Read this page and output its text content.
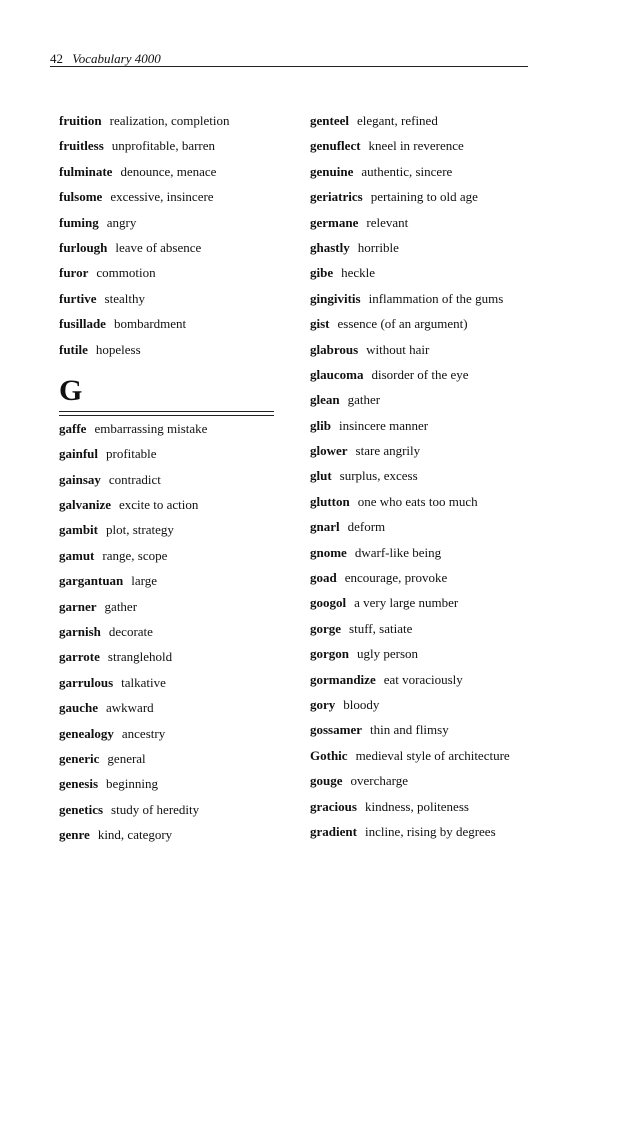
42 Vocabulary 4000
fruition realization, completion
fruitless unprofitable, barren
fulminate denounce, menace
fulsome excessive, insincere
fuming angry
furlough leave of absence
furor commotion
furtive stealthy
fusillade bombardment
futile hopeless
G
gaffe embarrassing mistake
gainful profitable
gainsay contradict
galvanize excite to action
gambit plot, strategy
gamut range, scope
gargantuan large
garner gather
garnish decorate
garrote stranglehold
garrulous talkative
gauche awkward
genealogy ancestry
generic general
genesis beginning
genetics study of heredity
genre kind, category
genteel elegant, refined
genuflect kneel in reverence
genuine authentic, sincere
geriatrics pertaining to old age
germane relevant
ghastly horrible
gibe heckle
gingivitis inflammation of the gums
gist essence (of an argument)
glabrous without hair
glaucoma disorder of the eye
glean gather
glib insincere manner
glower stare angrily
glut surplus, excess
glutton one who eats too much
gnarl deform
gnome dwarf-like being
goad encourage, provoke
googol a very large number
gorge stuff, satiate
gorgon ugly person
gormandize eat voraciously
gory bloody
gossamer thin and flimsy
Gothic medieval style of architecture
gouge overcharge
gracious kindness, politeness
gradient incline, rising by degrees
